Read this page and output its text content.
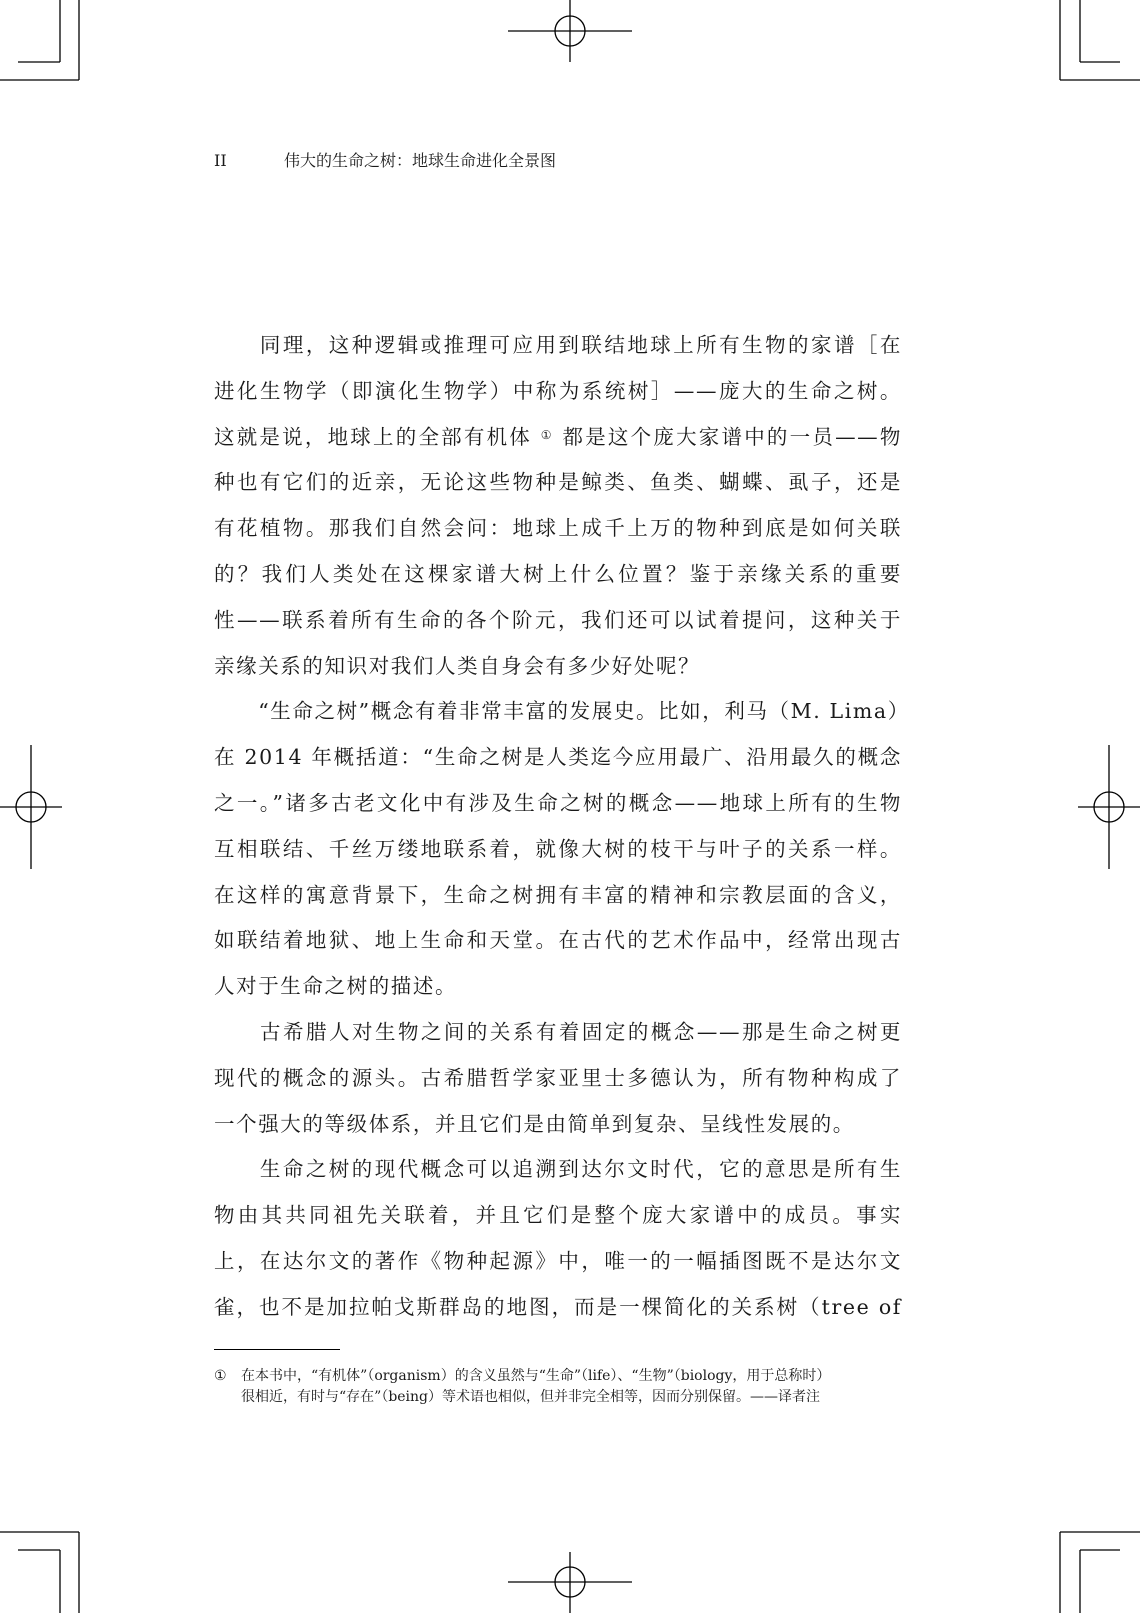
II	伟大的生命之树：地球生命进化全景图
　　同理，这种逻辑或推理可应用到联结地球上所有生物的家谱［在
进化生物学（即演化生物学）中称为系统树］——庞大的生命之树。
这就是说，地球上的全部有机体 ① 都是这个庞大家谱中的一员——物
种也有它们的近亲，无论这些物种是鲸类、鱼类、蝴蝶、虱子，还是
有花植物。那我们自然会问：地球上成千上万的物种到底是如何关联
的？我们人类处在这棵家谱大树上什么位置？鉴于亲缘关系的重要
性——联系着所有生命的各个阶元，我们还可以试着提问，这种关于
亲缘关系的知识对我们人类自身会有多少好处呢？
　　“生命之树”概念有着非常丰富的发展史。比如，利马（M. Lima）
在 2014 年概括道：“生命之树是人类迄今应用最广、沿用最久的概念
之一。”诸多古老文化中有涉及生命之树的概念——地球上所有的生物
互相联结、千丝万缕地联系着，就像大树的枝干与叶子的关系一样。
在这样的寓意背景下，生命之树拥有丰富的精神和宗教层面的含义，
如联结着地狱、地上生命和天堂。在古代的艺术作品中，经常出现古
人对于生命之树的描述。
　　古希腊人对生物之间的关系有着固定的概念——那是生命之树更
现代的概念的源头。古希腊哲学家亚里士多德认为，所有物种构成了
一个强大的等级体系，并且它们是由简单到复杂、呈线性发展的。
　　生命之树的现代概念可以追溯到达尔文时代，它的意思是所有生
物由其共同祖先关联着，并且它们是整个庞大家谱中的成员。事实
上，在达尔文的著作《物种起源》中，唯一的一幅插图既不是达尔文
雀，也不是加拉帕戈斯群岛的地图，而是一棵简化的关系树（tree of
① 在本书中，“有机体”（organism）的含义虽然与“生命”（life）、“生物”（biology，用于总称时）
很相近，有时与“存在”（being）等术语也相似，但并非完全相等，因而分别保留。——译者注
